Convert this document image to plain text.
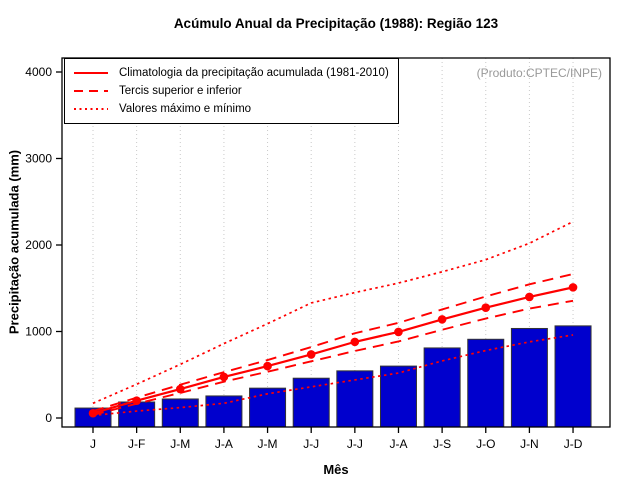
Acúmulo Anual da Precipitação (1988): Região 123
Climatologia da precipitação acumulada (1981-2010)
Tercis superior e inferior
Valores máximo e mínimo
(Produto:CPTEC/INPE)
Precipitação acumulada (mm)
Mês
J	J-F J-M J-A J-M J-J J-J J-A J-S J-O J-N J-D
0
1000
2000
3000
4000
